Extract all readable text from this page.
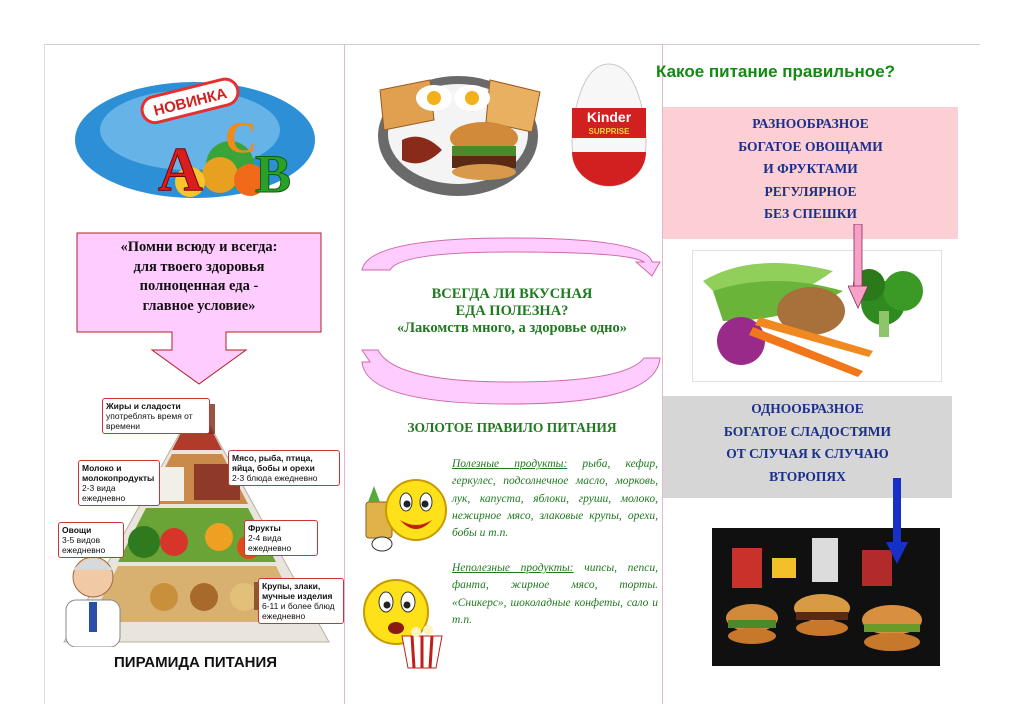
НОВИНКА
А В
С
«Помни всюду и всегда:
для твоего здоровья
полноценная еда -
главное условие»
Жиры и сладости
употреблять время от времени
Молоко и молокопродукты
2-3 вида ежедневно
Мясо, рыба, птица, яйца, бобы и орехи
2-3 блюда ежедневно
Овощи
3-5 видов ежедневно
Фрукты
2-4 вида ежедневно
Крупы, злаки, мучные изделия
6-11 и более блюд ежедневно
ПИРАМИДА ПИТАНИЯ
Kinder
SURPRISE
ВСЕГДА ЛИ ВКУСНАЯ
ЕДА ПОЛЕЗНА?
«Лакомств много, а здоровье одно»
ЗОЛОТОЕ ПРАВИЛО ПИТАНИЯ
Полезные продукты: рыба, кефир, геркулес, подсолнечное масло, морковь, лук, капуста, яблоки, груши, молоко, нежирное мясо, злаковые крупы, орехи, бобы и т.п.
Неполезные продукты: чипсы, пепси, фанта, жирное мясо, торты. «Сникерс», шоколадные конфеты, сало и т.п.
Какое питание правильное?
РАЗНООБРАЗНОЕ
БОГАТОЕ ОВОЩАМИ
И ФРУКТАМИ
РЕГУЛЯРНОЕ
БЕЗ СПЕШКИ
ОДНООБРАЗНОЕ
БОГАТОЕ СЛАДОСТЯМИ
ОТ СЛУЧАЯ К СЛУЧАЮ
ВТОРОПЯХ
